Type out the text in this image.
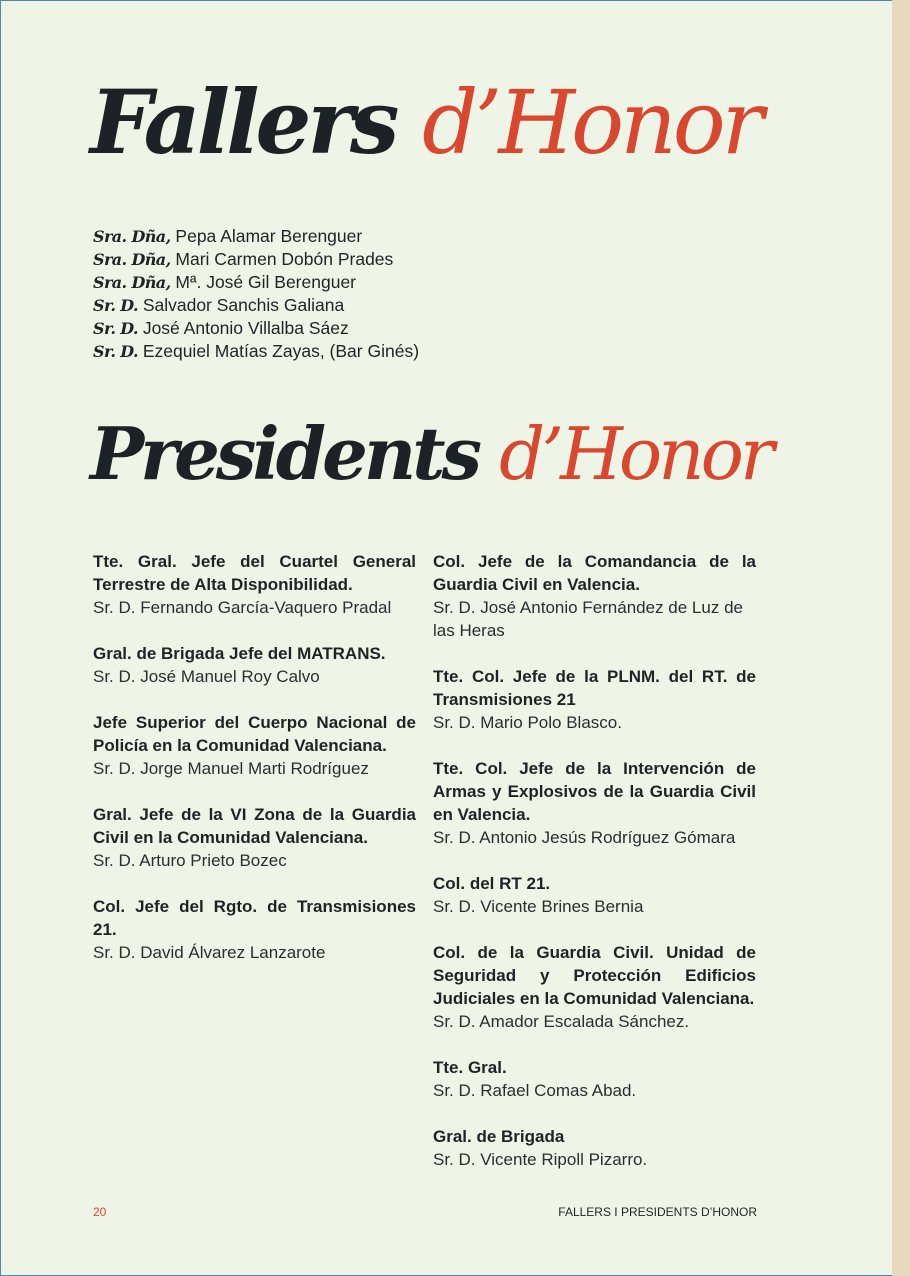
Fallers d’Honor
Sra. Dña, Pepa Alamar Berenguer
Sra. Dña, Mari Carmen Dobón Prades
Sra. Dña, Mª. José Gil Berenguer
Sr. D. Salvador Sanchis Galiana
Sr. D. José Antonio Villalba Sáez
Sr. D. Ezequiel Matías Zayas, (Bar Ginés)
Presidents d’Honor
Tte. Gral. Jefe del Cuartel General Terrestre de Alta Disponibilidad.
Sr. D. Fernando García-Vaquero Pradal
Gral. de Brigada Jefe del MATRANS.
Sr. D. José Manuel Roy Calvo
Jefe Superior del Cuerpo Nacional de Policía en la Comunidad Valenciana.
Sr. D. Jorge Manuel Marti Rodríguez
Gral. Jefe de la VI Zona de la Guardia Civil en la Comunidad Valenciana.
Sr. D. Arturo Prieto Bozec
Col. Jefe del Rgto. de Transmisiones 21.
Sr. D. David Álvarez Lanzarote
Col. Jefe de la Comandancia de la Guardia Civil en Valencia.
Sr. D. José Antonio Fernández de Luz de las Heras
Tte. Col. Jefe de la PLNM. del RT. de Transmisiones 21
Sr. D. Mario Polo Blasco.
Tte. Col. Jefe de la Intervención de Armas y Explosivos de la Guardia Civil en Valencia.
Sr. D. Antonio Jesús Rodríguez Gómara
Col. del RT 21.
Sr. D. Vicente Brines Bernia
Col. de la Guardia Civil. Unidad de Seguridad y Protección Edificios Judiciales en la Comunidad Valenciana.
Sr. D. Amador Escalada Sánchez.
Tte. Gral.
Sr. D. Rafael Comas Abad.
Gral. de Brigada
Sr. D. Vicente Ripoll Pizarro.
20	FALLERS I PRESIDENTS D’HONOR
